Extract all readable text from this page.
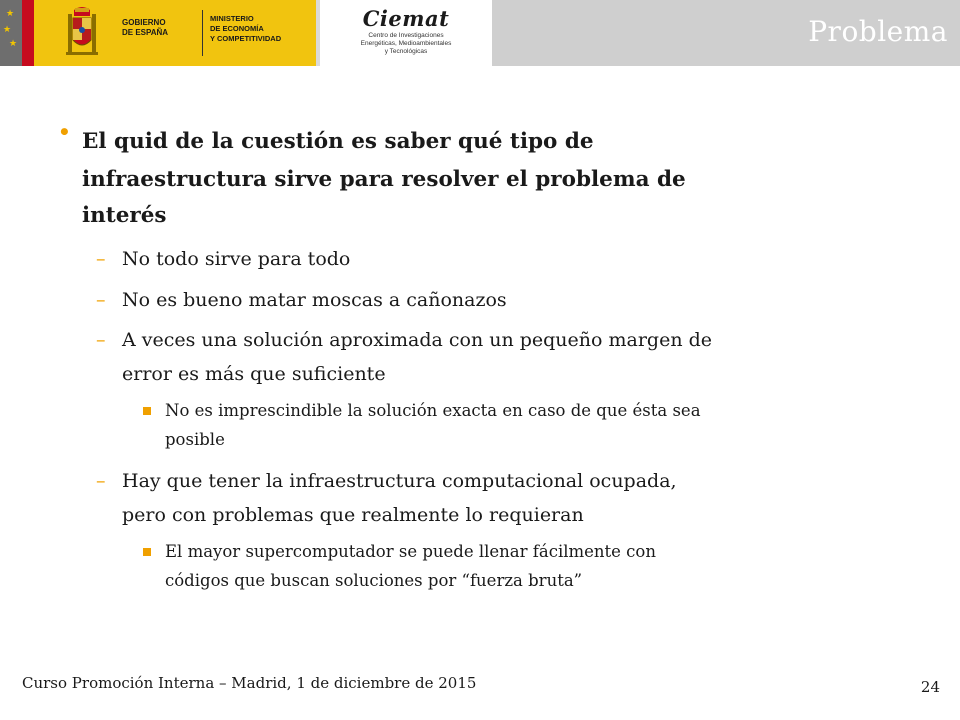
★
★
★
GOBIERNO
DE ESPAÑA
MINISTERIO
DE ECONOMÍA
Y COMPETITIVIDAD
Ciemat
Centro de Investigaciones
Energéticas, Medioambientales
y Tecnológicas
Problema
• El quid de la cuestión es saber qué tipo de
infraestructura sirve para resolver el problema de
interés
– No todo sirve para todo
– No es bueno matar moscas a cañonazos
– A veces una solución aproximada con un pequeño margen de
error es más que suficiente
No es imprescindible la solución exacta en caso de que ésta sea
posible
– Hay que tener la infraestructura computacional ocupada,
pero con problemas que realmente lo requieran
El mayor supercomputador se puede llenar fácilmente con
códigos que buscan soluciones por “fuerza bruta”
Curso Promoción Interna – Madrid, 1 de diciembre de 2015	24
